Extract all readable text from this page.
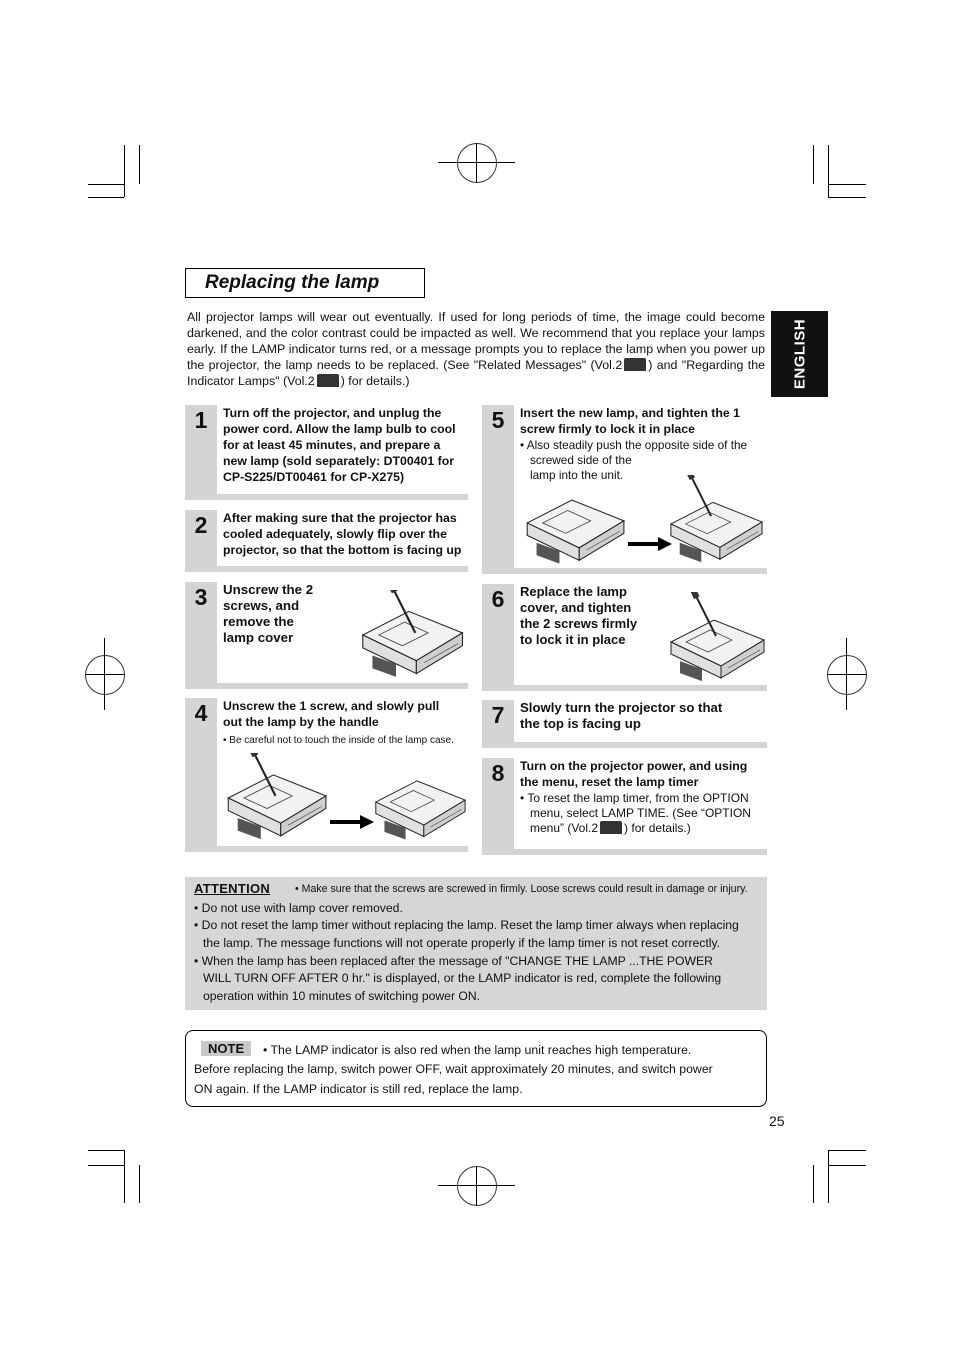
Replacing the lamp
All projector lamps will wear out eventually. If used for long periods of time, the image could become darkened, and the color contrast could be impacted as well. We recommend that you replace your lamps early. If the LAMP indicator turns red, or a message prompts you to replace the lamp when you power up the projector, the lamp needs to be replaced. (See "Related Messages" (Vol.2 ) and "Regarding the Indicator Lamps" (Vol.2 ) for details.)	ENGLISH
1	Turn off the projector, and unplug the
power cord. Allow the lamp bulb to cool
for at least 45 minutes, and prepare a
new lamp (sold separately: DT00401 for
CP-S225/DT00461 for CP-X275)
2	After making sure that the projector has
cooled adequately, slowly flip over the
projector, so that the bottom is facing up
3	Unscrew the 2
screws, and
remove the
lamp cover
4	Unscrew the 1 screw, and slowly pull
out the lamp by the handle
• Be careful not to touch the inside of the lamp case.
5	Insert the new lamp, and tighten the 1
screw firmly to lock it in place
• Also steadily push the opposite side of the
screwed side of the
lamp into the unit.
6	Replace the lamp
cover, and tighten
the 2 screws firmly
to lock it in place
7	Slowly turn the projector so that
the top is facing up
8	Turn on the projector power, and using
the menu, reset the lamp timer
• To reset the lamp timer, from the OPTION
menu, select LAMP TIME. (See “OPTION
menu” (Vol.2 ) for details.)
ATTENTION • Make sure that the screws are screwed in firmly. Loose screws could result in damage or injury.
• Do not use with lamp cover removed.
• Do not reset the lamp timer without replacing the lamp. Reset the lamp timer always when replacing
the lamp. The message functions will not operate properly if the lamp timer is not reset correctly.
• When the lamp has been replaced after the message of "CHANGE THE LAMP ...THE POWER
WILL TURN OFF AFTER 0 hr." is displayed, or the LAMP indicator is red, complete the following
operation within 10 minutes of switching power ON.
NOTE	• The LAMP indicator is also red when the lamp unit reaches high temperature.
Before replacing the lamp, switch power OFF, wait approximately 20 minutes, and switch power
ON again. If the LAMP indicator is still red, replace the lamp.
25
